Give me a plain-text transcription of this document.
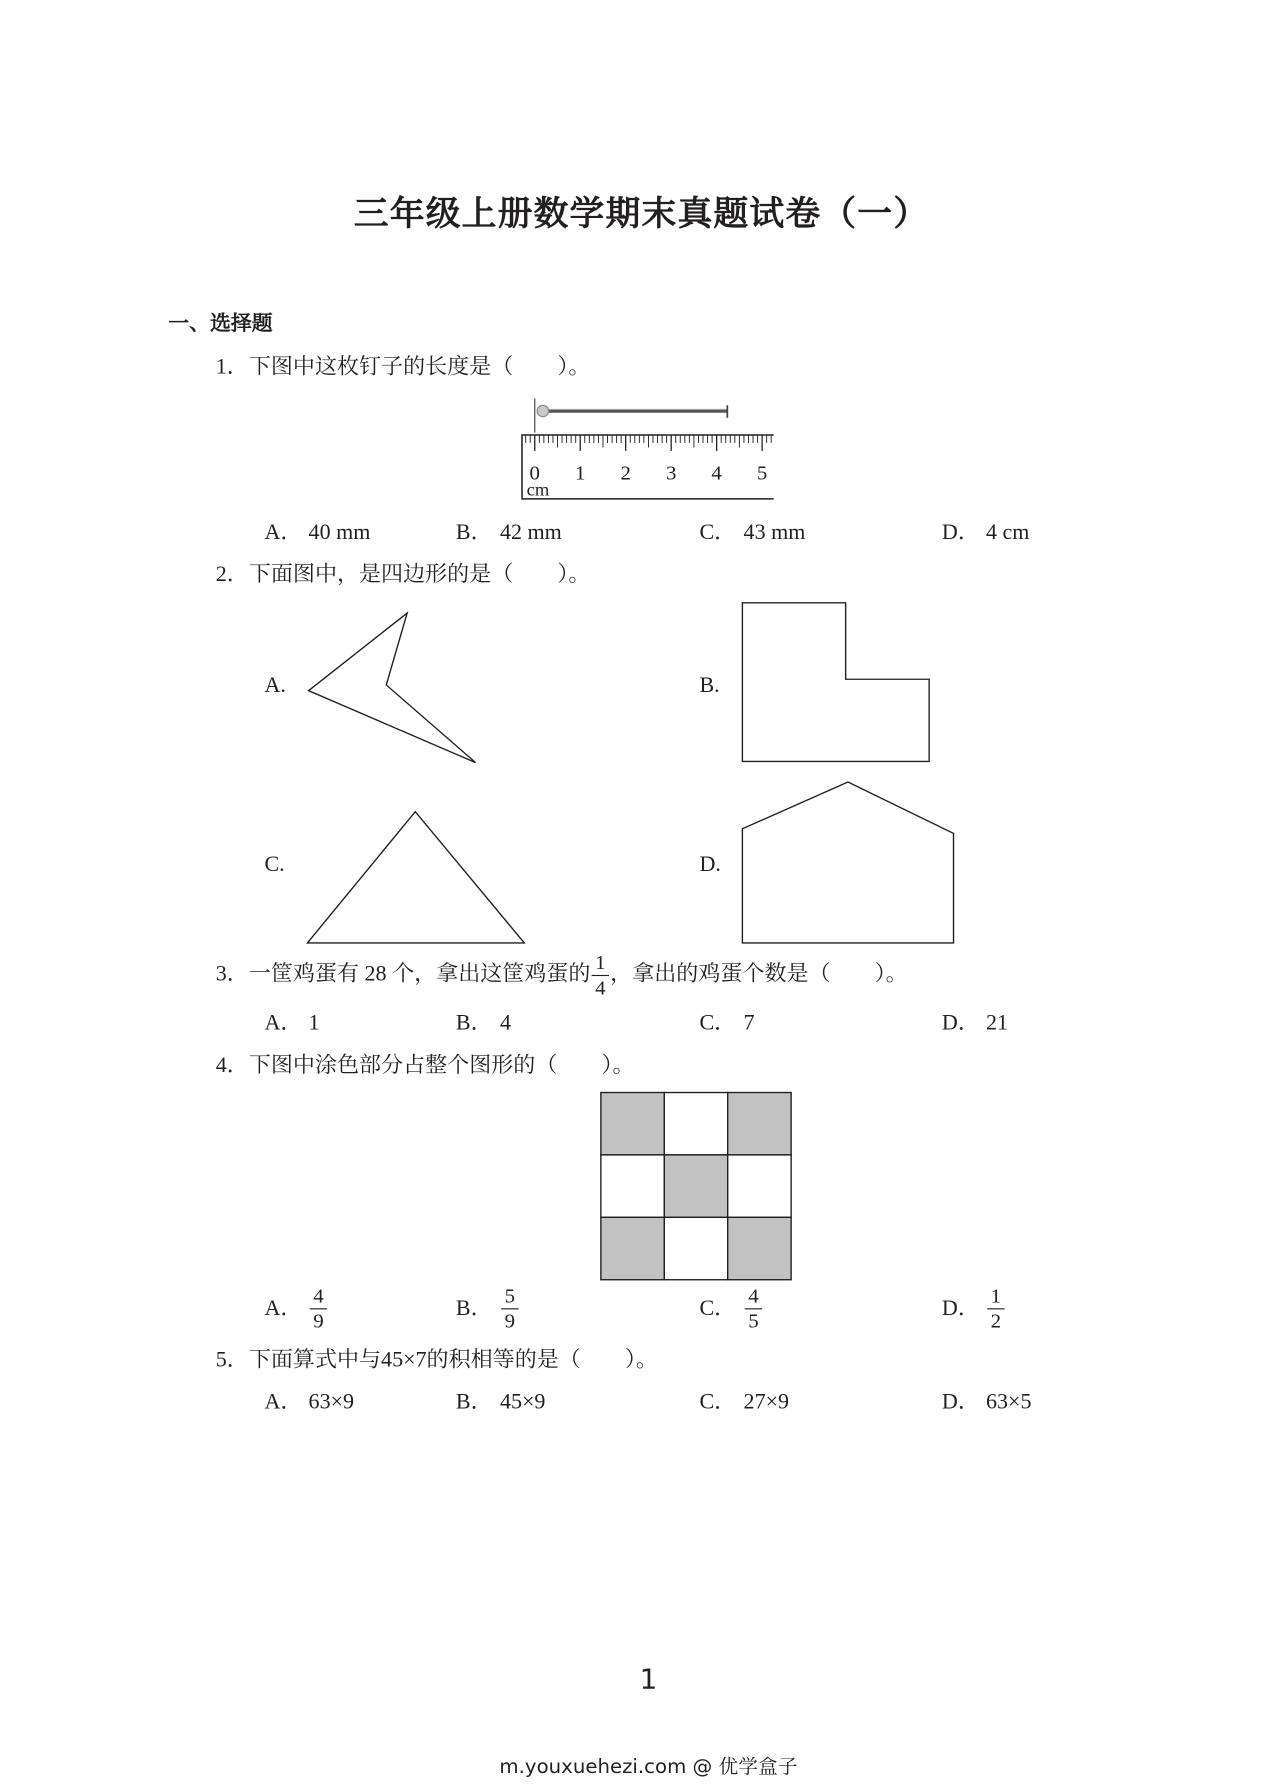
三年级上册数学期末真题试卷（一）
一、选择题
0 1 2 3 4 5
cm
1．下图中这枚钉子的长度是（　　）。
A． 40 mm	B． 42 mm	C． 43 mm	D． 4 cm
2．下面图中，是四边形的是（　　）。
A.	B.
C.	D.
3．一筐鸡蛋有 28 个，拿出这筐鸡蛋的 $\frac{1}{4}$ ，拿出的鸡蛋个数是（　　）。
A． 1	B． 4	C． 7	D． 21
4．下图中涂色部分占整个图形的（　　）。
A． $\frac{4}{9}$	B． $\frac{5}{9}$	C． $\frac{4}{5}$	D． $\frac{1}{2}$
5．下面算式中与45×7的积相等的是（　　）。
A． 63×9	B． 45×9	C． 27×9	D． 63×5
1
m.youxuehezi.com @ 优学盒子
